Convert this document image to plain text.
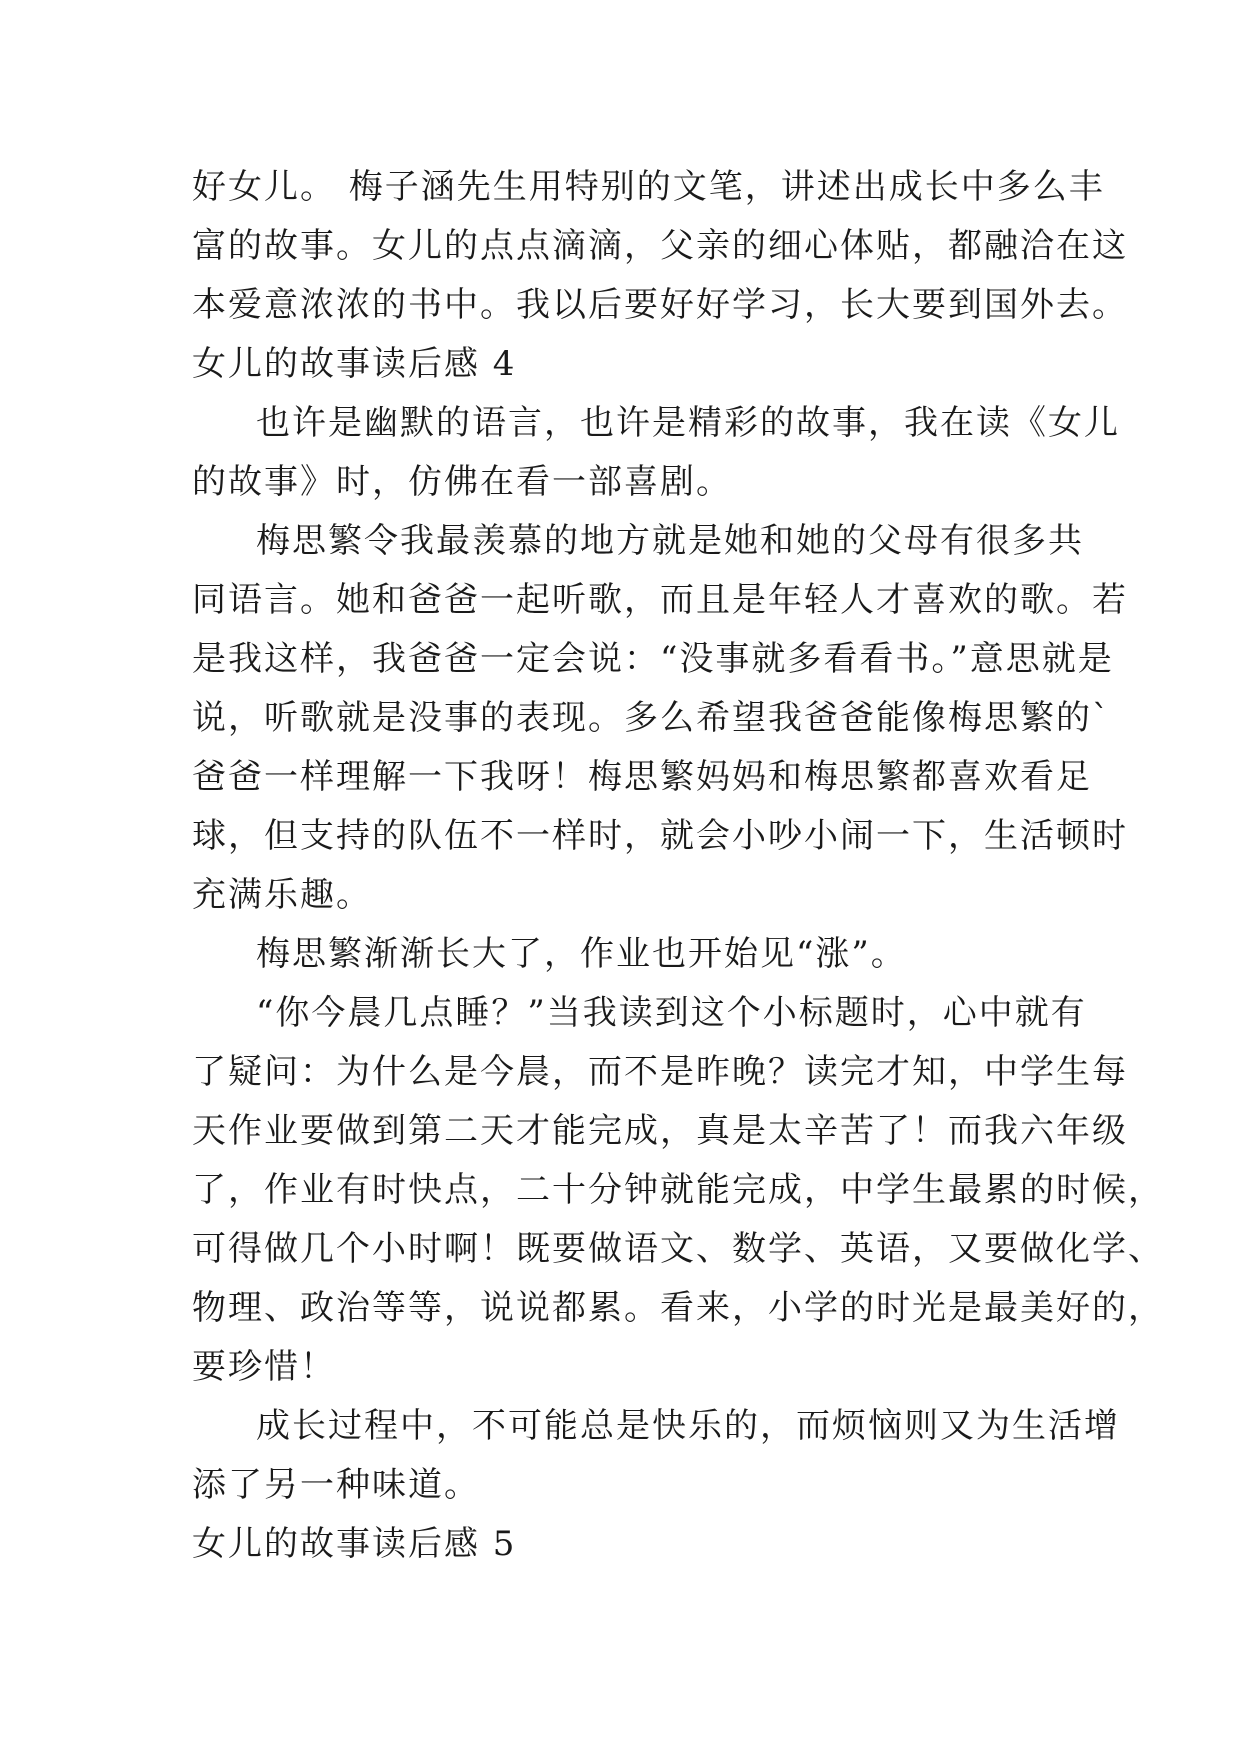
好女儿。 梅子涵先生用特别的文笔，讲述出成长中多么丰
富的故事。女儿的点点滴滴，父亲的细心体贴，都融洽在这
本爱意浓浓的书中。我以后要好好学习，长大要到国外去。
女儿的故事读后感 4
也许是幽默的语言，也许是精彩的故事，我在读《女儿
的故事》时，仿佛在看一部喜剧。
梅思繁令我最羡慕的地方就是她和她的父母有很多共
同语言。她和爸爸一起听歌，而且是年轻人才喜欢的歌。若
是我这样，我爸爸一定会说：“没事就多看看书。”意思就是
说，听歌就是没事的表现。多么希望我爸爸能像梅思繁的`
爸爸一样理解一下我呀！梅思繁妈妈和梅思繁都喜欢看足
球，但支持的队伍不一样时，就会小吵小闹一下，生活顿时
充满乐趣。
梅思繁渐渐长大了，作业也开始见“涨”。
“你今晨几点睡？”当我读到这个小标题时，心中就有
了疑问：为什么是今晨，而不是昨晚？读完才知，中学生每
天作业要做到第二天才能完成，真是太辛苦了！而我六年级
了，作业有时快点，二十分钟就能完成，中学生最累的时候，
可得做几个小时啊！既要做语文、数学、英语，又要做化学、
物理、政治等等，说说都累。看来，小学的时光是最美好的，
要珍惜！
成长过程中，不可能总是快乐的，而烦恼则又为生活增
添了另一种味道。
女儿的故事读后感 5
